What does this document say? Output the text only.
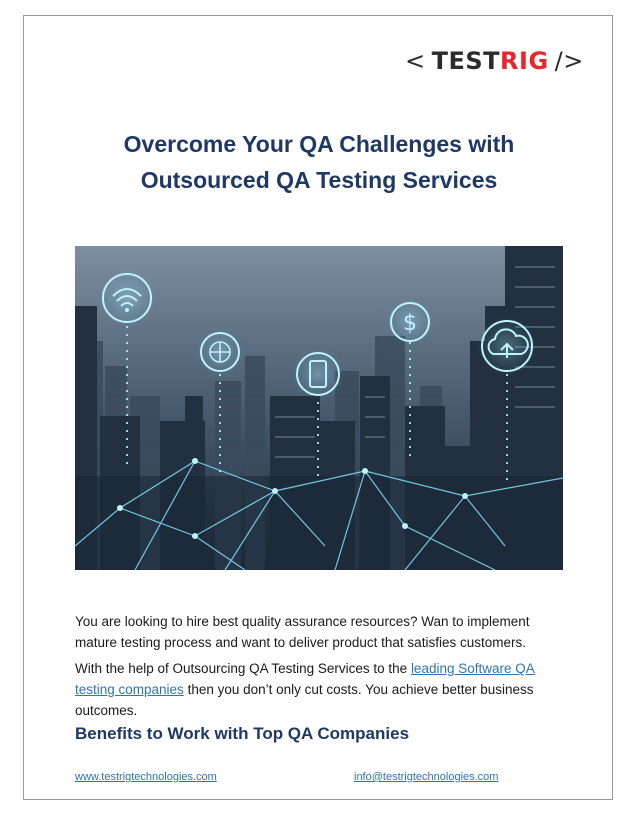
< TEST RIG />
Overcome Your QA Challenges with
Outsourced QA Testing Services
$

You are looking to hire best quality assurance resources? Wan to implement mature testing process and want to deliver product that satisfies customers.

With the help of Outsourcing QA Testing Services to the leading Software QA testing companies then you don’t only cut costs. You achieve better business outcomes.

Benefits to Work with Top QA Companies
www.testrigtechnologies.com	info@testrigtechnologies.com
